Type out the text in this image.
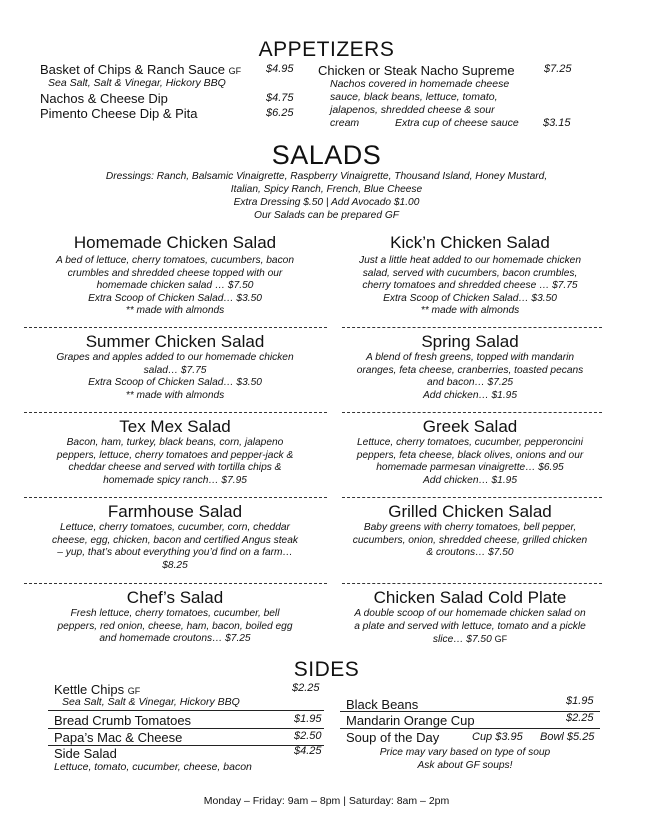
APPETIZERS
Basket of Chips & Ranch Sauce GF $4.95
Sea Salt, Salt & Vinegar, Hickory BBQ
Nachos & Cheese Dip	$4.75
Pimento Cheese Dip & Pita	$6.25
Chicken or Steak Nacho Supreme	$7.25
Nachos covered in homemade cheese
sauce, black beans, lettuce, tomato,
jalapenos, shredded cheese & sour
cream	Extra cup of cheese sauce $3.15
SALADS
Dressings: Ranch, Balsamic Vinaigrette, Raspberry Vinaigrette, Thousand Island, Honey Mustard,
Italian, Spicy Ranch, French, Blue Cheese
Extra Dressing $.50 | Add Avocado $1.00
Our Salads can be prepared GF
Homemade Chicken Salad
A bed of lettuce, cherry tomatoes, cucumbers, bacon
crumbles and shredded cheese topped with our
homemade chicken salad … $7.50
Extra Scoop of Chicken Salad… $3.50
** made with almonds
Kick’n Chicken Salad
Just a little heat added to our homemade chicken
salad, served with cucumbers, bacon crumbles,
cherry tomatoes and shredded cheese … $7.75
Extra Scoop of Chicken Salad… $3.50
** made with almonds
Summer Chicken Salad
Grapes and apples added to our homemade chicken
salad… $7.75
Extra Scoop of Chicken Salad… $3.50
** made with almonds
Spring Salad
A blend of fresh greens, topped with mandarin
oranges, feta cheese, cranberries, toasted pecans
and bacon… $7.25
Add chicken… $1.95
Tex Mex Salad
Bacon, ham, turkey, black beans, corn, jalapeno
peppers, lettuce, cherry tomatoes and pepper-jack &
cheddar cheese and served with tortilla chips &
homemade spicy ranch… $7.95
Greek Salad
Lettuce, cherry tomatoes, cucumber, pepperoncini
peppers, feta cheese, black olives, onions and our
homemade parmesan vinaigrette… $6.95
Add chicken… $1.95
Farmhouse Salad
Lettuce, cherry tomatoes, cucumber, corn, cheddar
cheese, egg, chicken, bacon and certified Angus steak
– yup, that’s about everything you’d find on a farm…
$8.25
Grilled Chicken Salad
Baby greens with cherry tomatoes, bell pepper,
cucumbers, onion, shredded cheese, grilled chicken
& croutons… $7.50
Chef’s Salad
Fresh lettuce, cherry tomatoes, cucumber, bell
peppers, red onion, cheese, ham, bacon, boiled egg
and homemade croutons… $7.25
Chicken Salad Cold Plate
A double scoop of our homemade chicken salad on
a plate and served with lettuce, tomato and a pickle
slice… $7.50 GF
SIDES
Kettle Chips GF	$2.25
Sea Salt, Salt & Vinegar, Hickory BBQ
Bread Crumb Tomatoes	$1.95
Papa’s Mac & Cheese	$2.50
Side Salad	$4.25
Lettuce, tomato, cucumber, cheese, bacon
Black Beans	$1.95
Mandarin Orange Cup	$2.25
Soup of the Day	Cup $3.95 Bowl $5.25
Price may vary based on type of soup
Ask about GF soups!
Monday – Friday: 9am – 8pm | Saturday: 8am – 2pm
